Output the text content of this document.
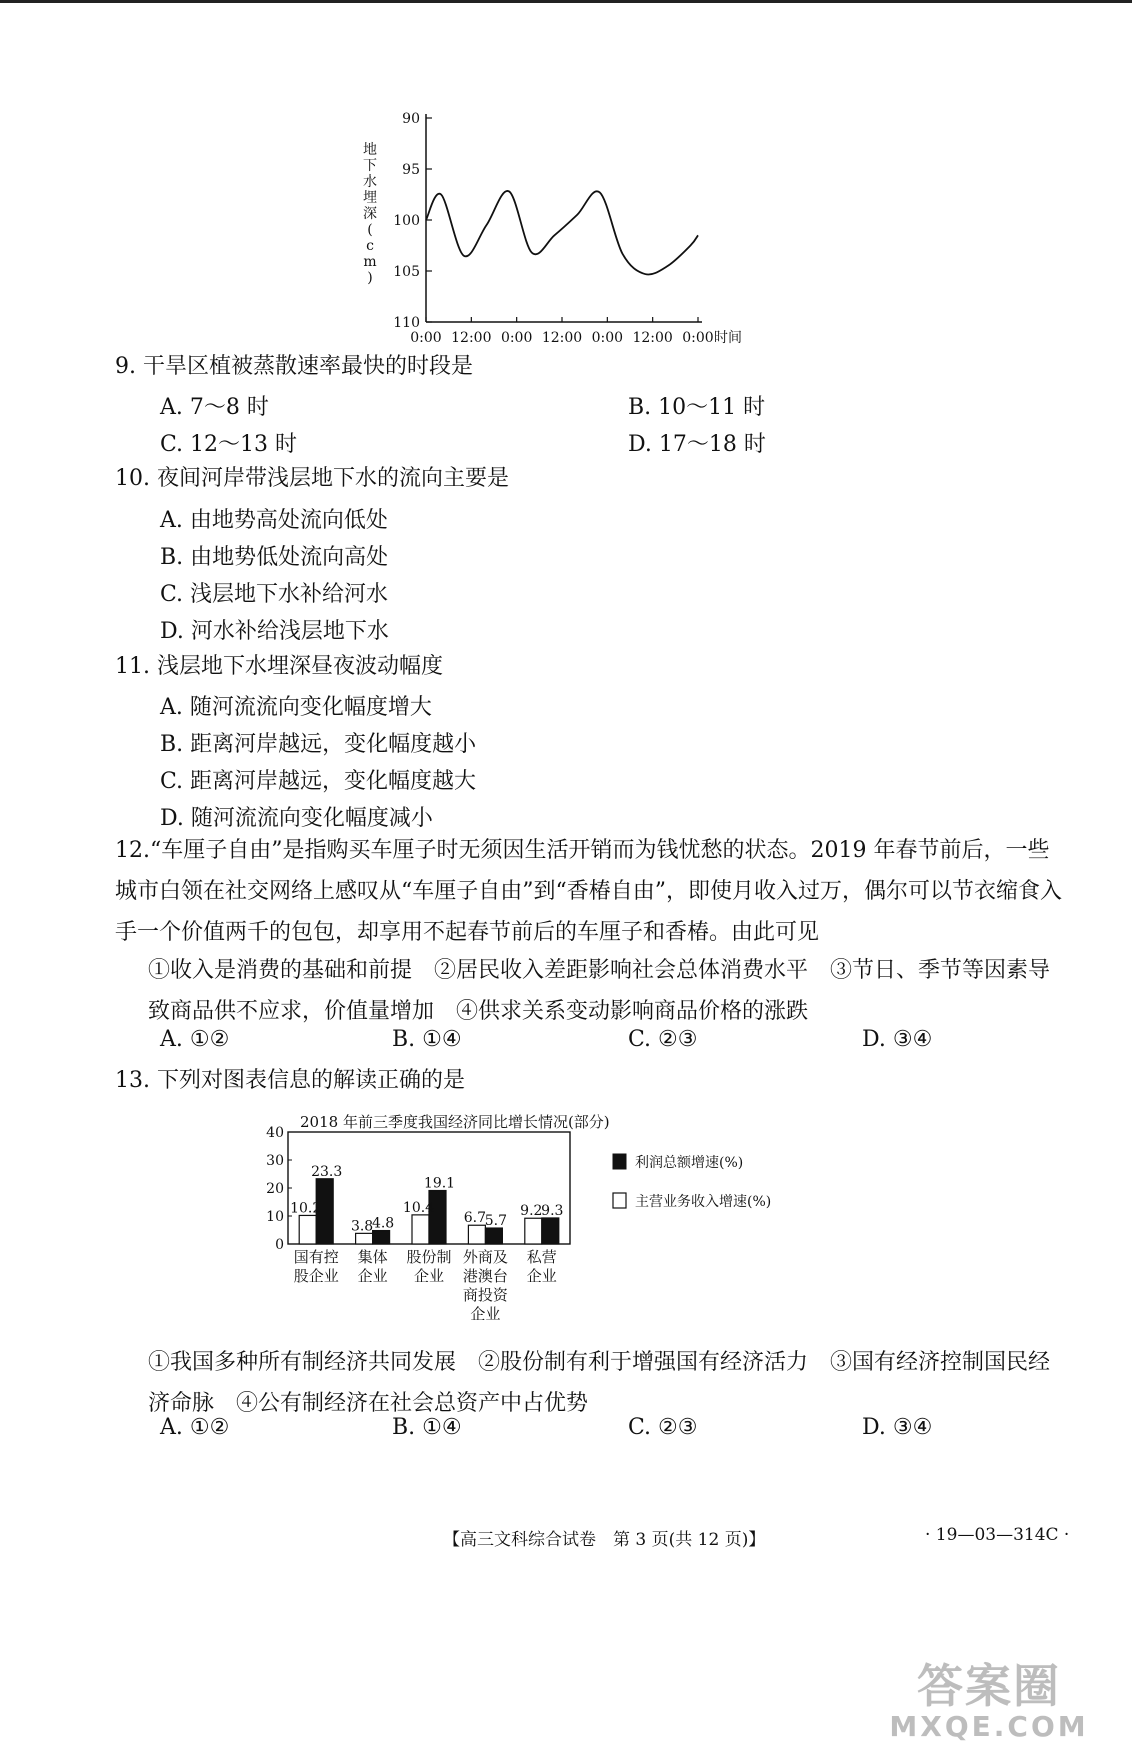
90
95
100
105
110
0:00 12:00 0:00 12:00 0:00 12:00 0:00 时间
地
下
水
埋
深
(
c
m
)
9. 干旱区植被蒸散速率最快的时段是
A. 7～8 时	B. 10～11 时
C. 12～13 时	D. 17～18 时
10. 夜间河岸带浅层地下水的流向主要是
A. 由地势高处流向低处
B. 由地势低处流向高处
C. 浅层地下水补给河水
D. 河水补给浅层地下水
11. 浅层地下水埋深昼夜波动幅度
A. 随河流流向变化幅度增大
B. 距离河岸越远，变化幅度越小
C. 距离河岸越远，变化幅度越大
D. 随河流流向变化幅度减小
12.“车厘子自由”是指购买车厘子时无须因生活开销而为钱忧愁的状态。2019 年春节前后，一些城市白领在社交网络上感叹从“车厘子自由”到“香椿自由”，即使月收入过万，偶尔可以节衣缩食入手一个价值两千的包包，却享用不起春节前后的车厘子和香椿。由此可见
①收入是消费的基础和前提　②居民收入差距影响社会总体消费水平　③节日、季节等因素导致商品供不应求，价值量增加　④供求关系变动影响商品价格的涨跌
A. ①②	B. ①④	C. ②③	D. ③④
13. 下列对图表信息的解读正确的是
2018 年前三季度我国经济同比增长情况(部分)
40
30
20
10
0
10.2
23.3
国有控
股企业
3.8
4.8
集体
企业
10.4
19.1
股份制
企业
6.7
5.7
外商及
港澳台
商投资
企业
9.2
9.3
私营
企业
利润总额增速(%)
主营业务收入增速(%)
①我国多种所有制经济共同发展　②股份制有利于增强国有经济活力　③国有经济控制国民经济命脉　④公有制经济在社会总资产中占优势
A. ①②	B. ①④	C. ②③	D. ③④
【高三文科综合试卷　第 3 页(共 12 页)】	· 19—03—314C ·
答案圈
MXQE.COM
